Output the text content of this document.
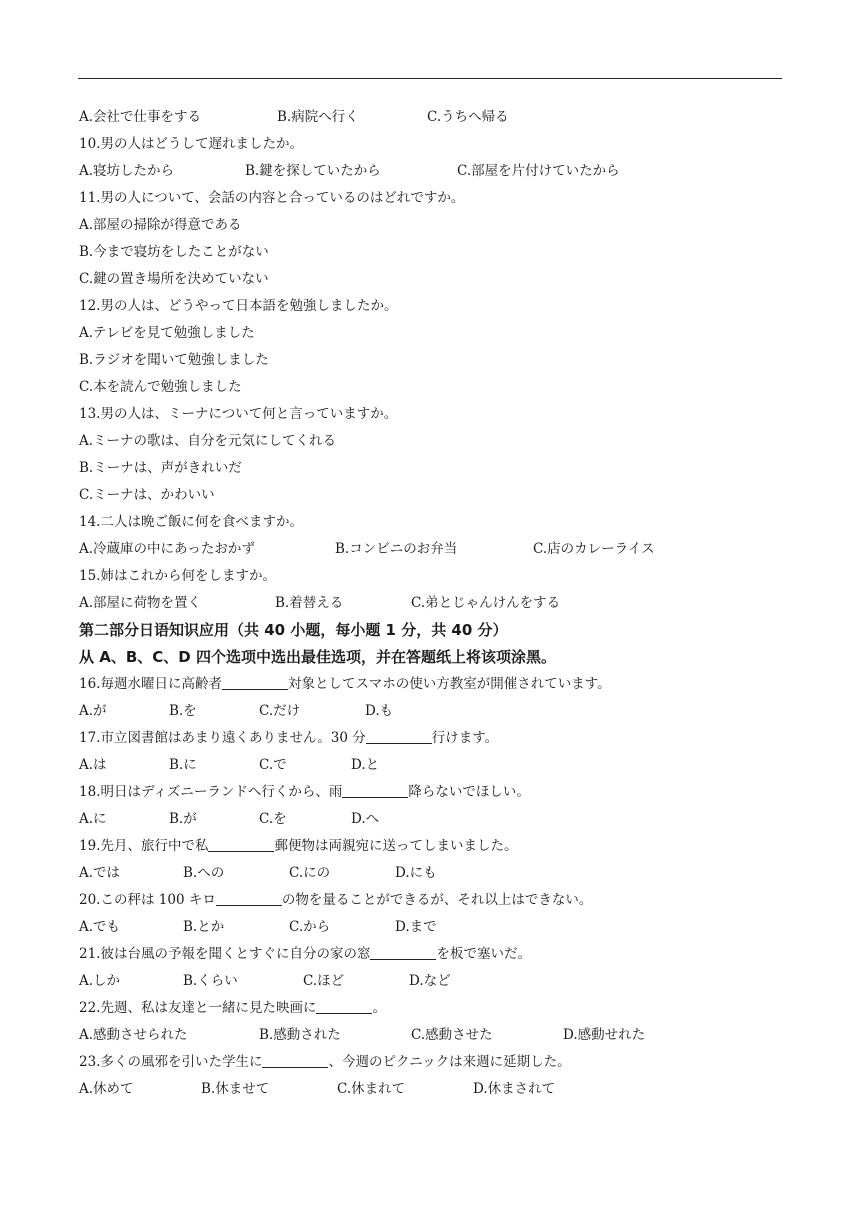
A.会社で仕事をする	B.病院へ行く	C.うちへ帰る
10.男の人はどうして遅れましたか。
A.寝坊したから	B.鍵を探していたから	C.部屋を片付けていたから
11.男の人について、会話の内容と合っているのはどれですか。
A.部屋の掃除が得意である
B.今まで寝坊をしたことがない
C.鍵の置き場所を決めていない
12.男の人は、どうやって日本語を勉強しましたか。
A.テレビを見て勉強しました
B.ラジオを聞いて勉強しました
C.本を読んで勉強しました
13.男の人は、ミーナについて何と言っていますか。
A.ミーナの歌は、自分を元気にしてくれる
B.ミーナは、声がきれいだ
C.ミーナは、かわいい
14.二人は晩ご飯に何を食べますか。
A.冷蔵庫の中にあったおかず	B.コンビニのお弁当	C.店のカレーライス
15.姉はこれから何をしますか。
A.部屋に荷物を置く	B.着替える	C.弟とじゃんけんをする
第二部分日语知识应用（共 40 小题，每小题 1 分，共 40 分）
从 A、B、C、D 四个选项中选出最佳选项，并在答题纸上将该项涂黑。
16.毎週水曜日に高齢者	対象としてスマホの使い方教室が開催されています。
A.が	B.を	C.だけ	D.も
17.市立図書館はあまり遠くありません。30 分	行けます。
A.は	B.に	C.で	D.と
18.明日はディズニーランドへ行くから、雨	降らないでほしい。
A.に	B.が	C.を	D.へ
19.先月、旅行中で私	郵便物は両親宛に送ってしまいました。
A.では	B.への	C.にの	D.にも
20.この秤は 100 キロ	の物を量ることができるが、それ以上はできない。
A.でも	B.とか	C.から	D.まで
21.彼は台風の予報を聞くとすぐに自分の家の窓	を板で塞いだ。
A.しか	B.くらい	C.ほど	D.など
22.先週、私は友達と一緒に見た映画に	。
A.感動させられた	B.感動された	C.感動させた	D.感動せれた
23.多くの風邪を引いた学生に	、今週のピクニックは来週に延期した。
A.休めて	B.休ませて	C.休まれて	D.休まされて
